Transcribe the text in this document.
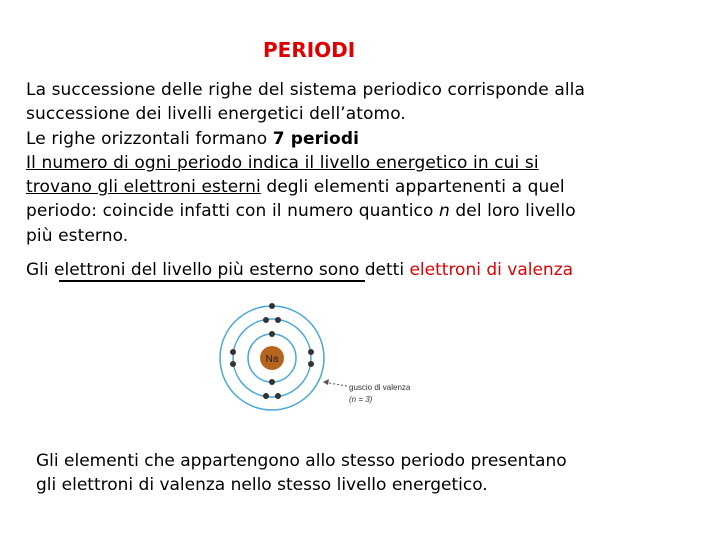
PERIODI
La successione delle righe del sistema periodico corrisponde alla
successione dei livelli energetici dell’atomo.
Le righe orizzontali formano 7 periodi
Il numero di ogni periodo indica il livello energetico in cui si
trovano gli elettroni esterni degli elementi appartenenti a quel
periodo: coincide infatti con il numero quantico n del loro livello
più esterno.
Gli elettroni del livello più esterno sono detti elettroni di valenza
Na
guscio di valenza
(n = 3)
Gli elementi che appartengono allo stesso periodo presentano
gli elettroni di valenza nello stesso livello energetico.
